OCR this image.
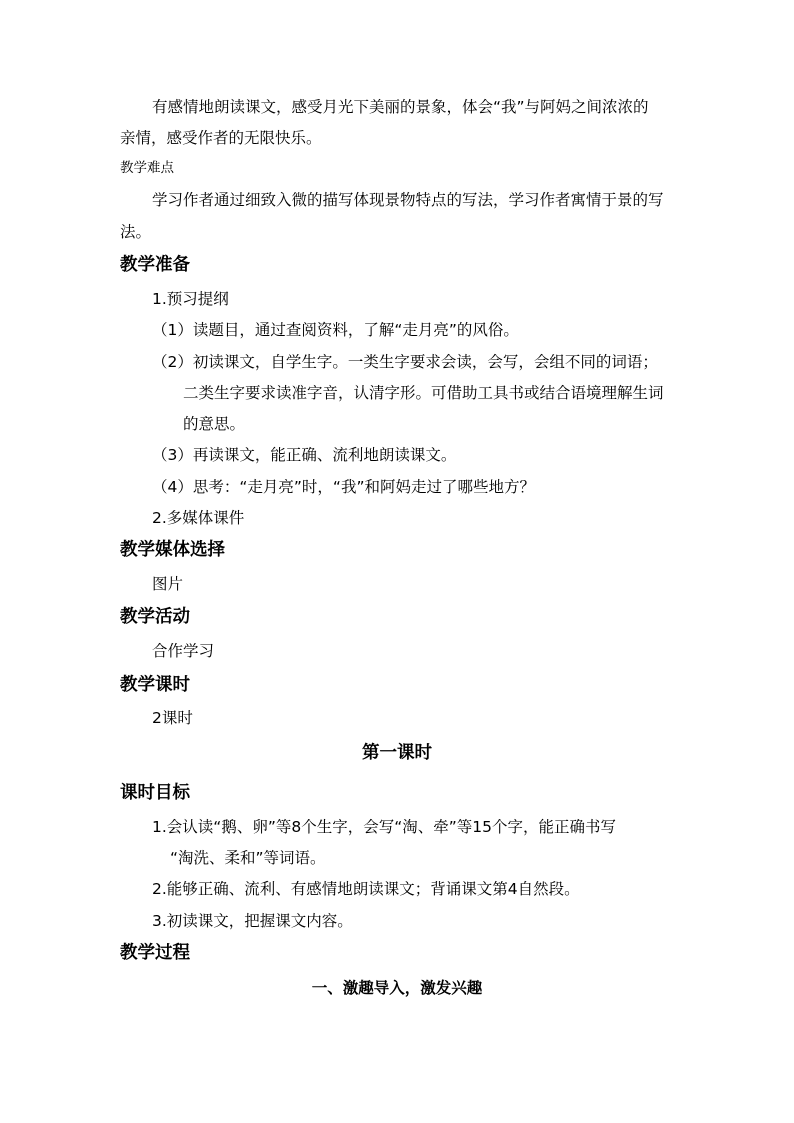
有感情地朗读课文，感受月光下美丽的景象，体会“我”与阿妈之间浓浓的
亲情，感受作者的无限快乐。
教学难点
学习作者通过细致入微的描写体现景物特点的写法，学习作者寓情于景的写
法。
教学准备
1.预习提纲
（1）读题目，通过查阅资料，了解“走月亮”的风俗。
（2）初读课文，自学生字。一类生字要求会读，会写，会组不同的词语；
二类生字要求读准字音，认清字形。可借助工具书或结合语境理解生词
的意思。
（3）再读课文，能正确、流利地朗读课文。
（4）思考：“走月亮”时，“我”和阿妈走过了哪些地方？
2.多媒体课件
教学媒体选择
图片
教学活动
合作学习
教学课时
2课时
第一课时
课时目标
1.会认读“鹅、卵”等8个生字，会写“淘、牵”等15个字，能正确书写
“淘洗、柔和”等词语。
2.能够正确、流利、有感情地朗读课文；背诵课文第4自然段。
3.初读课文，把握课文内容。
教学过程
一、激趣导入，激发兴趣
